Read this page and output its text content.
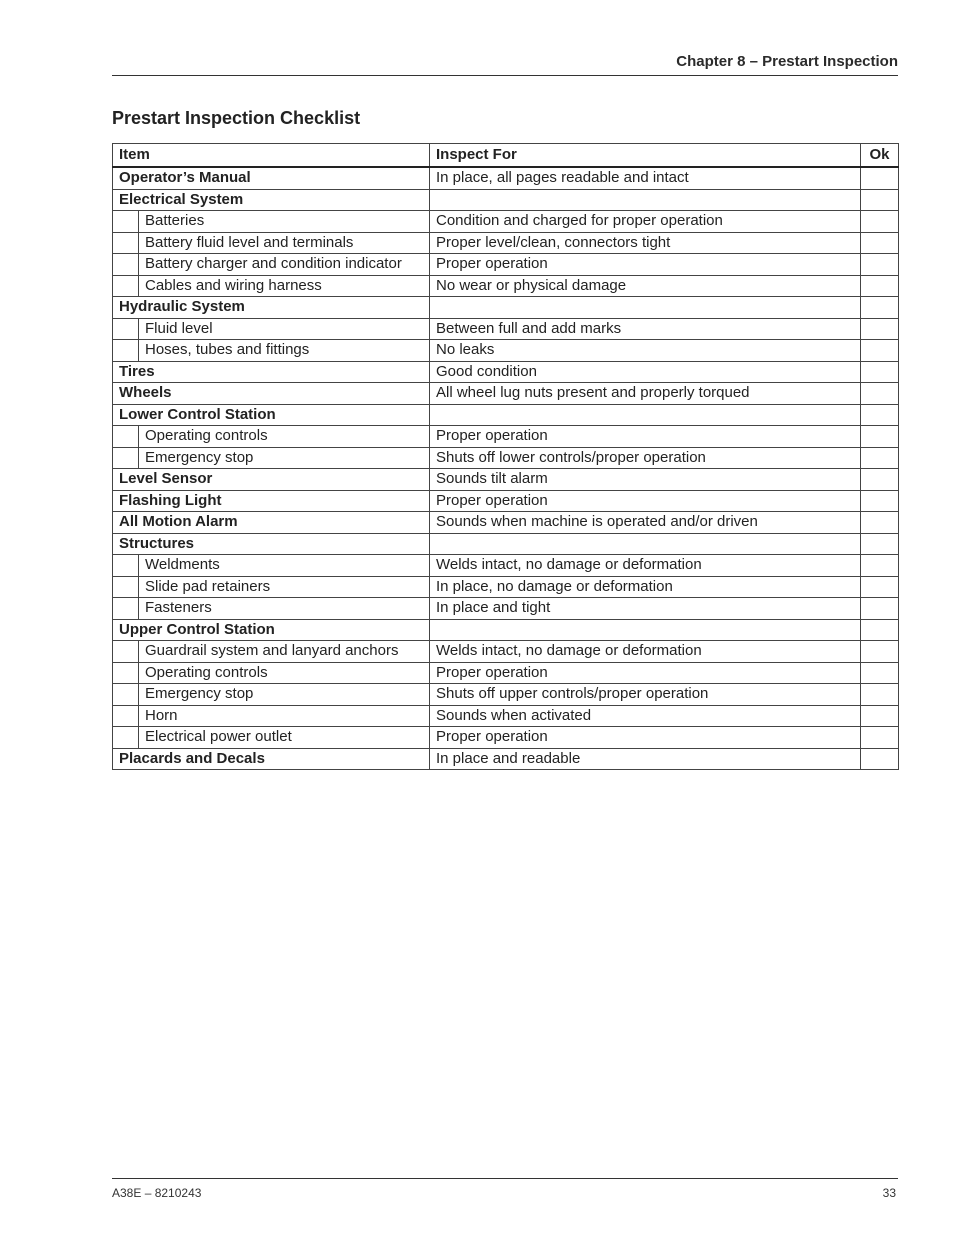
Chapter 8 – Prestart Inspection
Prestart Inspection Checklist
Item	Inspect For	Ok
Operator’s Manual	In place, all pages readable and intact	
Electrical System		

Batteries	Condition and charged for proper operation	

Battery fluid level and terminals	Proper level/clean, connectors tight	

Battery charger and condition indicator	Proper operation	

Cables and wiring harness	No wear or physical damage	
Hydraulic System		

Fluid level	Between full and add marks	

Hoses, tubes and fittings	No leaks	
Tires	Good condition	
Wheels	All wheel lug nuts present and properly torqued	
Lower Control Station		

Operating controls	Proper operation	

Emergency stop	Shuts off lower controls/proper operation	
Level Sensor	Sounds tilt alarm	
Flashing Light	Proper operation	
All Motion Alarm	Sounds when machine is operated and/or driven	
Structures		

Weldments	Welds intact, no damage or deformation	

Slide pad retainers	In place, no damage or deformation	

Fasteners	In place and tight	
Upper Control Station		

Guardrail system and lanyard anchors	Welds intact, no damage or deformation	

Operating controls	Proper operation	

Emergency stop	Shuts off upper controls/proper operation	

Horn	Sounds when activated	

Electrical power outlet	Proper operation	
Placards and Decals	In place and readable	
A38E – 8210243	33
